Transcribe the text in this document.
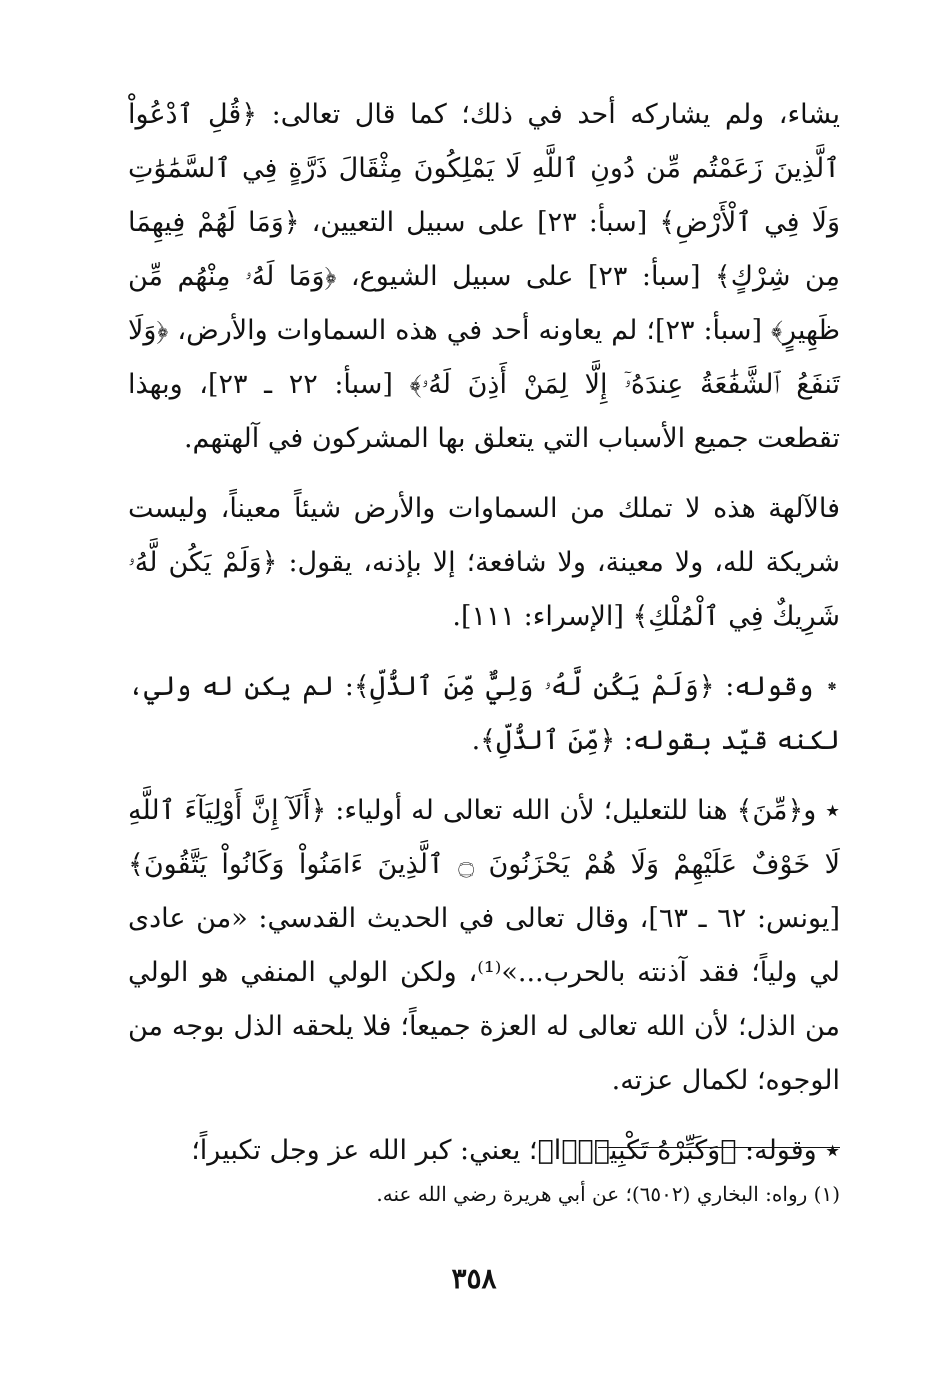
يشاء، ولم يشاركه أحد في ذلك؛ كما قال تعالى: ﴿قُلِ ٱدْعُواْ ٱلَّذِينَ زَعَمْتُم مِّن دُونِ ٱللَّهِ لَا يَمْلِكُونَ مِثْقَالَ ذَرَّةٍ فِي ٱلسَّمَٰوَٰتِ وَلَا فِي ٱلْأَرْضِ﴾ [سبأ: ٢٣] على سبيل التعيين، ﴿وَمَا لَهُمْ فِيهِمَا مِن شِرْكٍ﴾ [سبأ: ٢٣] على سبيل الشيوع، ﴿وَمَا لَهُۥ مِنْهُم مِّن ظَهِيرٍ﴾ [سبأ: ٢٣]؛ لم يعاونه أحد في هذه السماوات والأرض، ﴿وَلَا تَنفَعُ ٱلشَّفَٰعَةُ عِندَهُۥٓ إِلَّا لِمَنْ أَذِنَ لَهُۥ﴾ [سبأ: ٢٢ ـ ٢٣]، وبهذا تقطعت جميع الأسباب التي يتعلق بها المشركون في آلهتهم.

فالآلهة هذه لا تملك من السماوات والأرض شيئاً معيناً، وليست شريكة لله، ولا معينة، ولا شافعة؛ إلا بإذنه، يقول: ﴿وَلَمْ يَكُن لَّهُۥ شَرِيكٌ فِي ٱلْمُلْكِ﴾ [الإسراء: ١١١].

٭ وقوله: ﴿وَلَمْ يَكُن لَّهُۥ وَلِيٌّ مِّنَ ٱلذُّلِّ﴾: لم يكن له ولي، لكنه قيّد بقوله: ﴿مِّنَ ٱلذُّلِّ﴾.

٭ و﴿مِّنَ﴾ هنا للتعليل؛ لأن الله تعالى له أولياء: ﴿أَلَآ إِنَّ أَوْلِيَآءَ ٱللَّهِ لَا خَوْفٌ عَلَيْهِمْ وَلَا هُمْ يَحْزَنُونَ ۝ ٱلَّذِينَ ءَامَنُواْ وَكَانُواْ يَتَّقُونَ﴾ [يونس: ٦٢ ـ ٦٣]، وقال تعالى في الحديث القدسي: «من عادى لي ولياً؛ فقد آذنته بالحرب...»⁽¹⁾، ولكن الولي المنفي هو الولي من الذل؛ لأن الله تعالى له العزة جميعاً؛ فلا يلحقه الذل بوجه من الوجوه؛ لكمال عزته.

٭ وقوله: ﴿وَكَبِّرْهُ تَكْبِيرًۢا﴾؛ يعني: كبر الله عز وجل تكبيراً؛

(١) رواه: البخاري (٦٥٠٢)؛ عن أبي هريرة رضي الله عنه.
٣٥٨
